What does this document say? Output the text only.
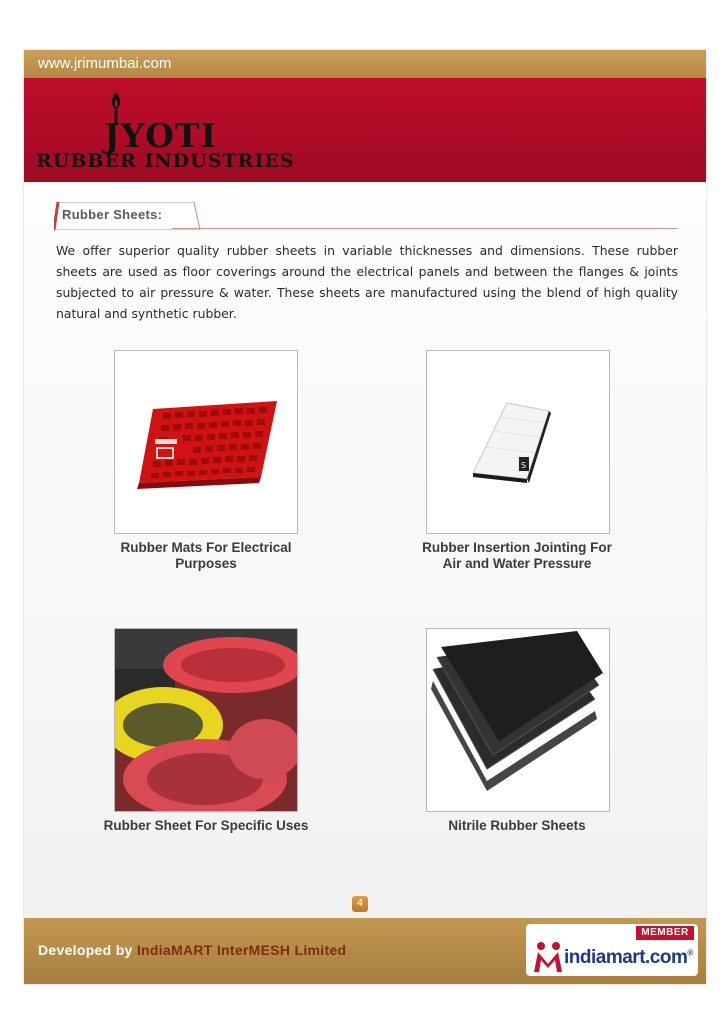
www.jrimumbai.com
JYOTI
RUBBER INDUSTRIES
Rubber Sheets:
We offer superior quality rubber sheets in variable thicknesses and dimensions. These rubber sheets are used as floor coverings around the electrical panels and between the flanges & joints subjected to air pressure & water. These sheets are manufactured using the blend of high quality natural and synthetic rubber.
Rubber Mats For Electrical Purposes
S
Rubber Insertion Jointing For Air and Water Pressure
Rubber Sheet For Specific Uses	Nitrile Rubber Sheets
4
Developed by IndiaMART InterMESH Limited
MEMBER
indiamart.com®
